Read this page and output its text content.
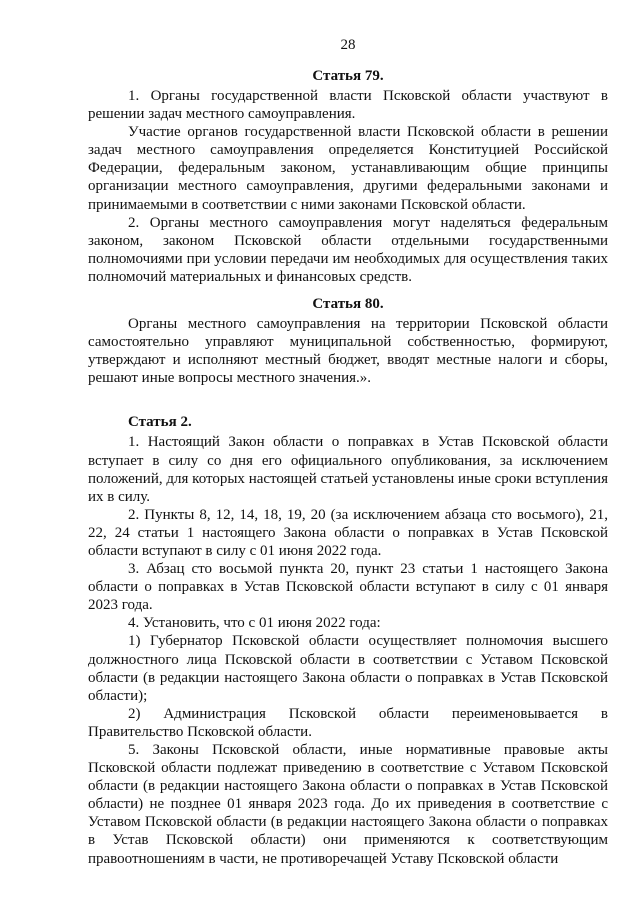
28
Статья 79.

1. Органы государственной власти Псковской области участвуют в решении задач местного самоуправления.

Участие органов государственной власти Псковской области в решении задач местного самоуправления определяется Конституцией Российской Федерации, федеральным законом, устанавливающим общие принципы организации местного самоуправления, другими федеральными законами и принимаемыми в соответствии с ними законами Псковской области.

2. Органы местного самоуправления могут наделяться федеральным законом, законом Псковской области отдельными государственными полномочиями при условии передачи им необходимых для осуществления таких полномочий материальных и финансовых средств.

Статья 80.

Органы местного самоуправления на территории Псковской области самостоятельно управляют муниципальной собственностью, формируют, утверждают и исполняют местный бюджет, вводят местные налоги и сборы, решают иные вопросы местного значения.».

Статья 2.

1. Настоящий Закон области о поправках в Устав Псковской области вступает в силу со дня его официального опубликования, за исключением положений, для которых настоящей статьей установлены иные сроки вступления их в силу.

2. Пункты 8, 12, 14, 18, 19, 20 (за исключением абзаца сто восьмого), 21, 22, 24 статьи 1 настоящего Закона области о поправках в Устав Псковской области вступают в силу с 01 июня 2022 года.

3. Абзац сто восьмой пункта 20, пункт 23 статьи 1 настоящего Закона области о поправках в Устав Псковской области вступают в силу с 01 января 2023 года.

4. Установить, что с 01 июня 2022 года:

1) Губернатор Псковской области осуществляет полномочия высшего должностного лица Псковской области в соответствии с Уставом Псковской области (в редакции настоящего Закона области о поправках в Устав Псковской области);

2) Администрация Псковской области переименовывается в Правительство Псковской области.

5. Законы Псковской области, иные нормативные правовые акты Псковской области подлежат приведению в соответствие с Уставом Псковской области (в редакции настоящего Закона области о поправках в Устав Псковской области) не позднее 01 января 2023 года. До их приведения в соответствие с Уставом Псковской области (в редакции настоящего Закона области о поправках в Устав Псковской области) они применяются к соответствующим правоотношениям в части, не противоречащей Уставу Псковской области
